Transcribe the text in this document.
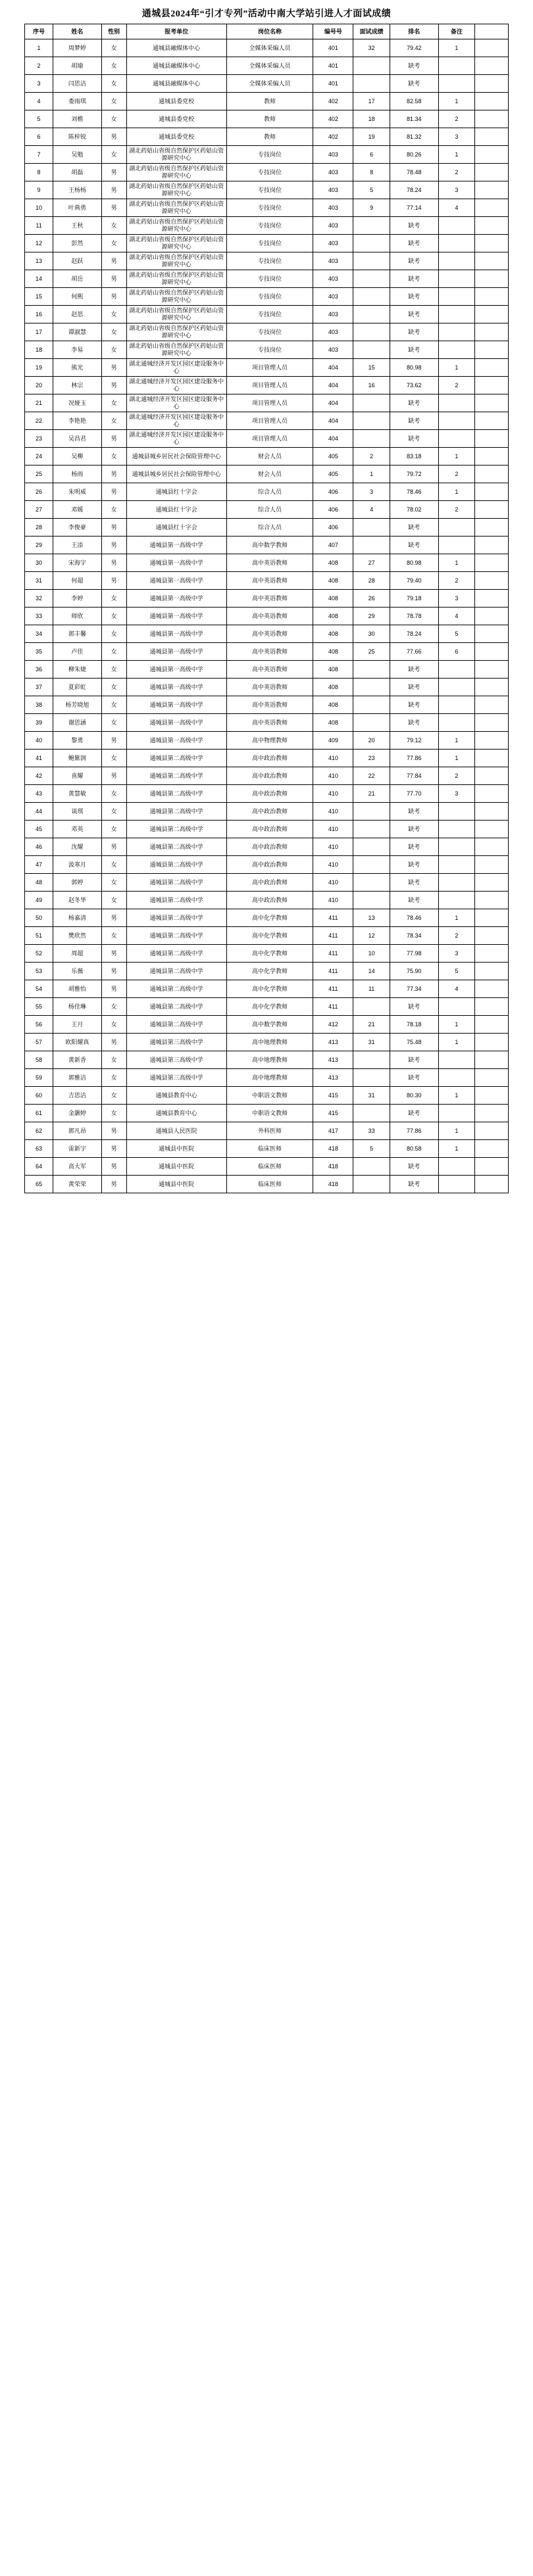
通城县2024年“引才专列”活动中南大学站引进人才面试成绩
序号	姓名	性别	报考单位	岗位名称	编号号	面试成绩	排名	备注	
1	周梦婷	女	通城县融媒体中心	全媒体采编人员	401	32	79.42	1	
2	胡瑜	女	通城县融媒体中心	全媒体采编人员	401		缺考		
3	闫思洁	女	通城县融媒体中心	全媒体采编人员	401		缺考		
4	娄雨琪	女	通城县委党校	教师	402	17	82.58	1	
5	刘楷	女	通城县委党校	教师	402	18	81.34	2	
6	陈梓锐	男	通城县委党校	教师	402	19	81.32	3	
7	吴勉	女	湖北药姑山省级自然保护区药姑山资源研究中心	专技岗位	403	6	80.26	1	
8	胡磊	男	湖北药姑山省级自然保护区药姑山资源研究中心	专技岗位	403	8	78.48	2	
9	王杨杨	男	湖北药姑山省级自然保护区药姑山资源研究中心	专技岗位	403	5	78.24	3	
10	叶典勇	男	湖北药姑山省级自然保护区药姑山资源研究中心	专技岗位	403	9	77.14	4	
11	王秋	女	湖北药姑山省级自然保护区药姑山资源研究中心	专技岗位	403		缺考		
12	彭然	女	湖北药姑山省级自然保护区药姑山资源研究中心	专技岗位	403		缺考		
13	赵跃	男	湖北药姑山省级自然保护区药姑山资源研究中心	专技岗位	403		缺考		
14	胡岳	男	湖北药姑山省级自然保护区药姑山资源研究中心	专技岗位	403		缺考		
15	何熙	男	湖北药姑山省级自然保护区药姑山资源研究中心	专技岗位	403		缺考		
16	赵思	女	湖北药姑山省级自然保护区药姑山资源研究中心	专技岗位	403		缺考		
17	谭淑慧	女	湖北药姑山省级自然保护区药姑山资源研究中心	专技岗位	403		缺考		
18	李易	女	湖北药姑山省级自然保护区药姑山资源研究中心	专技岗位	403		缺考		
19	熊光	男	湖北通城经济开发区园区建设服务中心	项目管理人员	404	15	80.98	1	
20	林宗	男	湖北通城经济开发区园区建设服务中心	项目管理人员	404	16	73.62	2	
21	况娅玉	女	湖北通城经济开发区园区建设服务中心	项目管理人员	404		缺考		
22	李艳艳	女	湖北通城经济开发区园区建设服务中心	项目管理人员	404		缺考		
23	吴昌君	男	湖北通城经济开发区园区建设服务中心	项目管理人员	404		缺考		
24	吴柳	女	通城县城乡居民社会保险管理中心	财会人员	405	2	83.18	1	
25	杨雨	男	通城县城乡居民社会保险管理中心	财会人员	405	1	79.72	2	
26	朱明威	男	通城县红十字会	综合人员	406	3	78.46	1	
27	邓媛	女	通城县红十字会	综合人员	406	4	78.02	2	
28	李俊豪	男	通城县红十字会	综合人员	406		缺考		
29	王添	男	通城县第一高级中学	高中数学教师	407		缺考		
30	宋海宇	男	通城县第一高级中学	高中英语教师	408	27	80.98	1	
31	何超	男	通城县第一高级中学	高中英语教师	408	28	79.40	2	
32	李婷	女	通城县第一高级中学	高中英语教师	408	26	79.18	3	
33	师欣	女	通城县第一高级中学	高中英语教师	408	29	78.78	4	
34	郭丰馨	女	通城县第一高级中学	高中英语教师	408	30	78.24	5	
35	卢佳	女	通城县第一高级中学	高中英语教师	408	25	77.66	6	
36	柳朱婕	女	通城县第一高级中学	高中英语教师	408		缺考		
37	夏彩虹	女	通城县第一高级中学	高中英语教师	408		缺考		
38	杨芳晓旭	女	通城县第一高级中学	高中英语教师	408		缺考		
39	谢思涵	女	通城县第一高级中学	高中英语教师	408		缺考		
40	黎勇	男	通城县第一高级中学	高中物理教师	409	20	79.12	1	
41	鲍紫润	女	通城县第二高级中学	高中政治教师	410	23	77.86	1	
42	喜耀	男	通城县第二高级中学	高中政治教师	410	22	77.84	2	
43	黄慧敏	女	通城县第二高级中学	高中政治教师	410	21	77.70	3	
44	谈琪	女	通城县第二高级中学	高中政治教师	410		缺考		
45	邓英	女	通城县第二高级中学	高中政治教师	410		缺考		
46	沈耀	男	通城县第二高级中学	高中政治教师	410		缺考		
47	汲寒月	女	通城县第二高级中学	高中政治教师	410		缺考		
48	郭婷	女	通城县第二高级中学	高中政治教师	410		缺考		
49	赵冬华	女	通城县第二高级中学	高中政治教师	410		缺考		
50	杨嘉清	男	通城县第二高级中学	高中化学教师	411	13	78.46	1	
51	樊欣然	女	通城县第二高级中学	高中化学教师	411	12	78.34	2	
52	周超	男	通城县第二高级中学	高中化学教师	411	10	77.98	3	
53	乐薇	男	通城县第二高级中学	高中化学教师	411	14	75.90	5	
54	胡雅怡	男	通城县第二高级中学	高中化学教师	411	11	77.34	4	
55	杨佳琳	女	通城县第二高级中学	高中化学教师	411		缺考		
56	王月	女	通城县第二高级中学	高中数学教师	412	21	78.18	1	
57	欧阳耀真	男	通城县第三高级中学	高中地理教师	413	31	75.48	1	
58	黄新香	女	通城县第三高级中学	高中地理教师	413		缺考		
59	郭雅洁	女	通城县第三高级中学	高中地理教师	413		缺考		
60	吉思洁	女	通城县教育中心	中职语文教师	415	31	80.30	1	
61	金灏婷	女	通城县教育中心	中职语文教师	415		缺考		
62	郭凡昂	男	通城县人民医院	外科医师	417	33	77.86	1	
63	雷新宇	男	通城县中医院	临床医师	418	5	80.58	1	
64	高大军	男	通城县中医院	临床医师	418		缺考		
65	黄荣荣	男	通城县中医院	临床医师	418		缺考		
